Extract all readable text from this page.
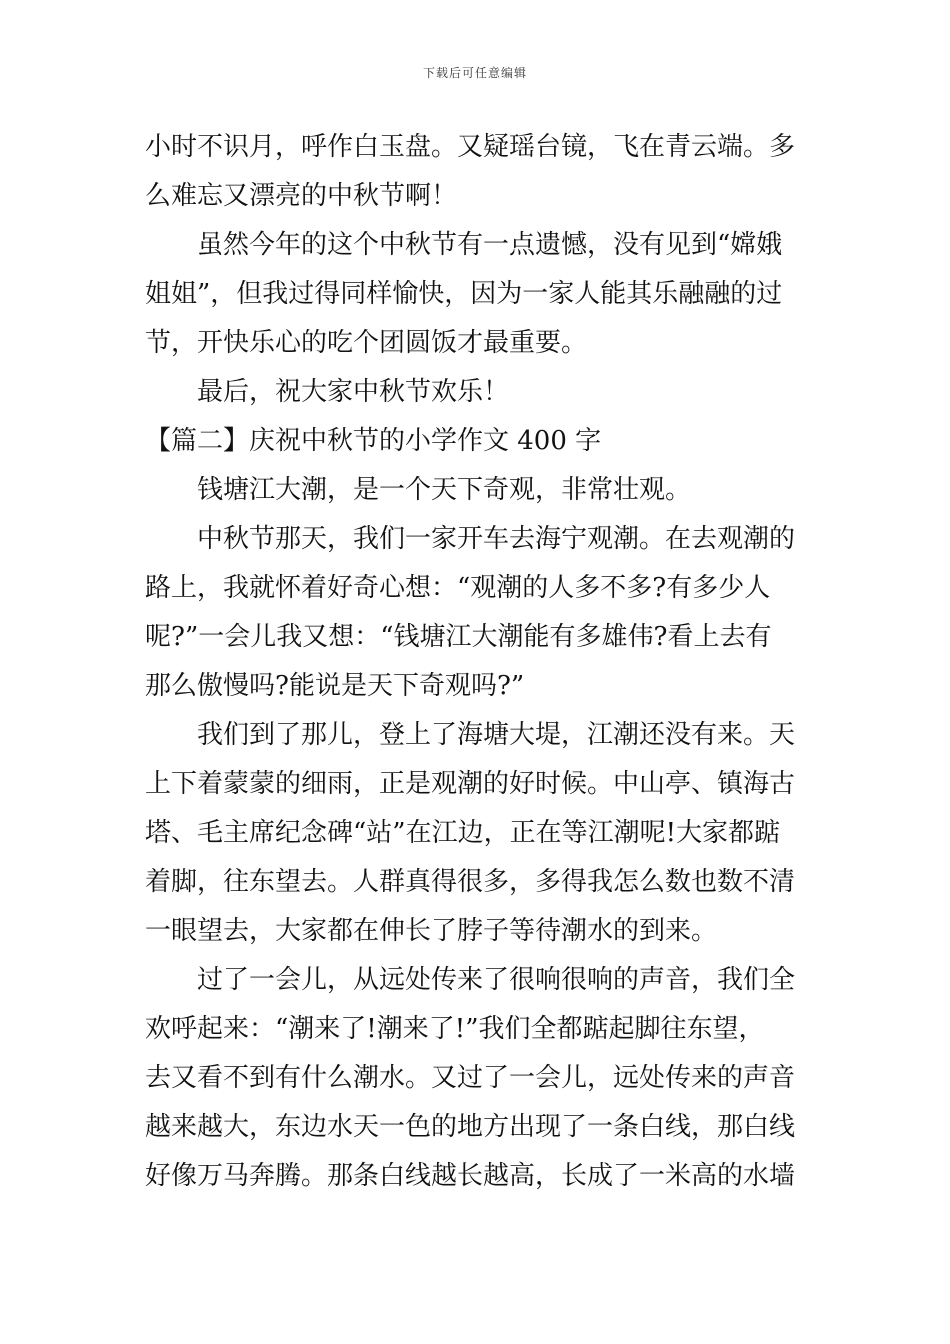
下载后可任意编辑
小时不识月，呼作白玉盘。又疑瑶台镜，飞在青云端。多
么难忘又漂亮的中秋节啊！
虽然今年的这个中秋节有一点遗憾，没有见到“嫦娥
姐姐”，但我过得同样愉快，因为一家人能其乐融融的过
节，开快乐心的吃个团圆饭才最重要。
最后，祝大家中秋节欢乐！
【篇二】庆祝中秋节的小学作文 400 字
钱塘江大潮，是一个天下奇观，非常壮观。
中秋节那天，我们一家开车去海宁观潮。在去观潮的
路上，我就怀着好奇心想：“观潮的人多不多?有多少人
呢?”一会儿我又想：“钱塘江大潮能有多雄伟?看上去有
那么傲慢吗?能说是天下奇观吗?”
我们到了那儿，登上了海塘大堤，江潮还没有来。天
上下着蒙蒙的细雨，正是观潮的好时候。中山亭、镇海古
塔、毛主席纪念碑“站”在江边，正在等江潮呢!大家都踮
着脚，往东望去。人群真得很多，多得我怎么数也数不清
一眼望去，大家都在伸长了脖子等待潮水的到来。
过了一会儿，从远处传来了很响很响的声音，我们全
欢呼起来：“潮来了!潮来了!”我们全都踮起脚往东望，
去又看不到有什么潮水。又过了一会儿，远处传来的声音
越来越大，东边水天一色的地方出现了一条白线，那白线
好像万马奔腾。那条白线越长越高，长成了一米高的水墙
